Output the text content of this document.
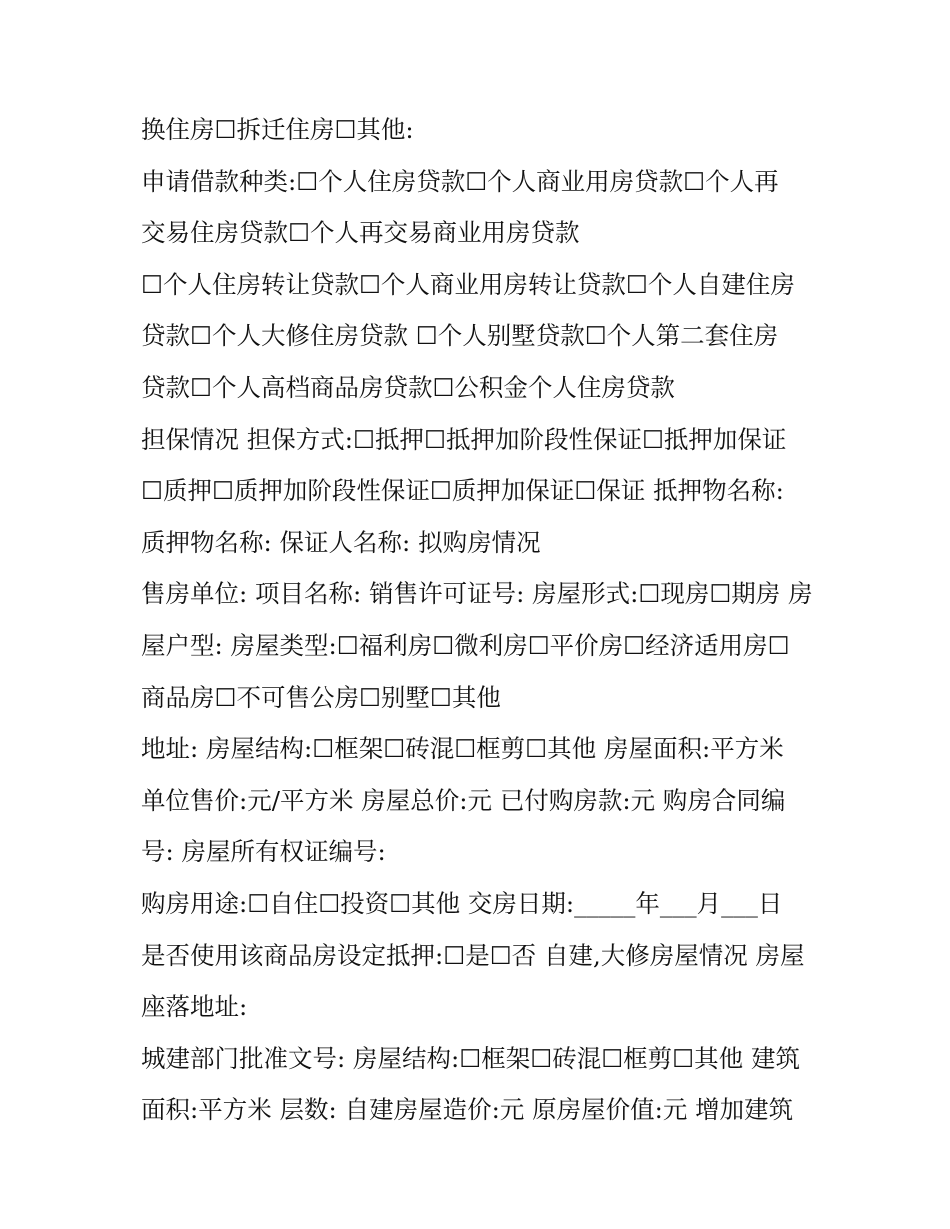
换住房☐拆迁住房☐其他:
申请借款种类:☐个人住房贷款☐个人商业用房贷款☐个人再
交易住房贷款☐个人再交易商业用房贷款
☐个人住房转让贷款☐个人商业用房转让贷款☐个人自建住房
贷款☐个人大修住房贷款 ☐个人别墅贷款☐个人第二套住房
贷款☐个人高档商品房贷款☐公积金个人住房贷款
担保情况 担保方式:☐抵押☐抵押加阶段性保证☐抵押加保证
☐质押☐质押加阶段性保证☐质押加保证☐保证 抵押物名称:
质押物名称: 保证人名称: 拟购房情况
售房单位: 项目名称: 销售许可证号: 房屋形式:☐现房☐期房 房
屋户型: 房屋类型:☐福利房☐微利房☐平价房☐经济适用房☐
商品房☐不可售公房☐别墅☐其他
地址: 房屋结构:☐框架☐砖混☐框剪☐其他 房屋面积:平方米
单位售价:元/平方米 房屋总价:元 已付购房款:元 购房合同编
号: 房屋所有权证编号:
购房用途:☐自住☐投资☐其他 交房日期:_____年___月___日
是否使用该商品房设定抵押:☐是☐否 自建,大修房屋情况 房屋
座落地址:
城建部门批准文号: 房屋结构:☐框架☐砖混☐框剪☐其他 建筑
面积:平方米 层数: 自建房屋造价:元 原房屋价值:元 增加建筑
